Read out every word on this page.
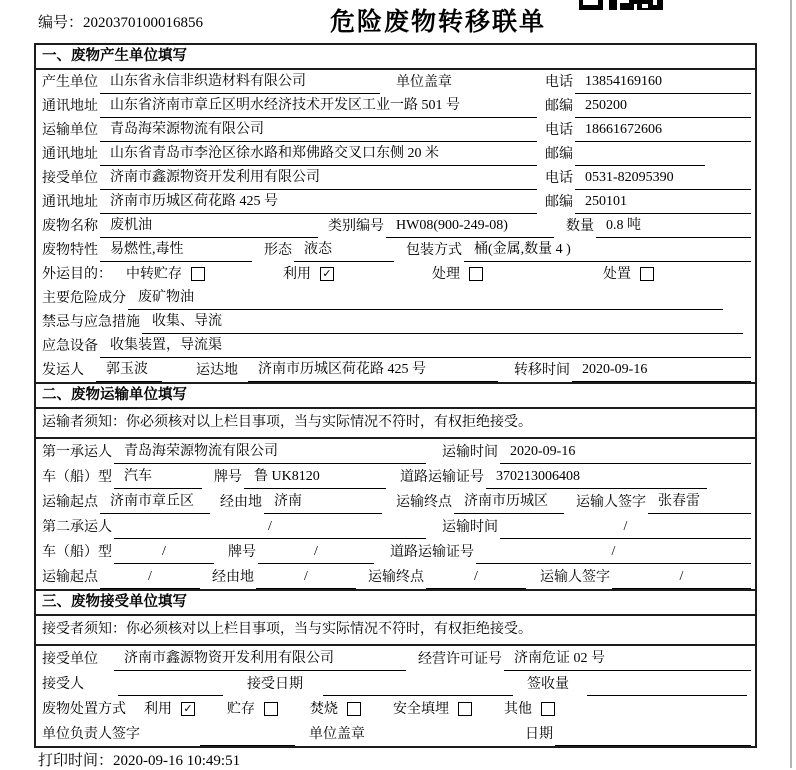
编号：2020370100016856	危险废物转移联单
一、废物产生单位填写
产生单位 山东省永信非织造材料有限公司	单位盖章	电话 13854169160
通讯地址 山东省济南市章丘区明水经济技术开发区工业一路 501 号	邮编 250200
运输单位 青岛海荣源物流有限公司	电话 18661672606
通讯地址 山东省青岛市李沧区徐水路和郑佛路交叉口东侧 20 米	邮编
接受单位 济南市鑫源物资开发利用有限公司	电话 0531-82095390
通讯地址 济南市历城区荷花路 425 号	邮编 250101
废物名称 废机油	类别编号 HW08(900-249-08)	数量 0.8 吨
废物特性 易燃性,毒性	形态 液态	包装方式 桶(金属,数量 4 )
外运目的： 中转贮存	利用 ✓	处理	处置
主要危险成分 废矿物油
禁忌与应急措施 收集、导流
应急设备 收集装置，导流渠
发运人	郭玉波	运达地	济南市历城区荷花路 425 号	转移时间 2020-09-16
二、废物运输单位填写
运输者须知：你必须核对以上栏目事项，当与实际情况不符时，有权拒绝接受。
第一承运人 青岛海荣源物流有限公司	运输时间 2020-09-16
车（船）型 汽车	牌号 鲁 UK8120	道路运输证号 370213006408
运输起点 济南市章丘区	经由地 济南	运输终点 济南市历城区	运输人签字 张春雷
第二承运人	/	运输时间	/
车（船）型	/	牌号	/	道路运输证号	/
运输起点	/	经由地	/	运输终点	/	运输人签字	/
三、废物接受单位填写
接受者须知：你必须核对以上栏目事项，当与实际情况不符时，有权拒绝接受。
接受单位	济南市鑫源物资开发利用有限公司	经营许可证号 济南危证 02 号
接受人	接受日期	签收量
废物处置方式 利用 ✓ 贮存	焚烧	安全填埋	其他
单位负责人签字	单位盖章	日期
打印时间：2020-09-16 10:49:51
